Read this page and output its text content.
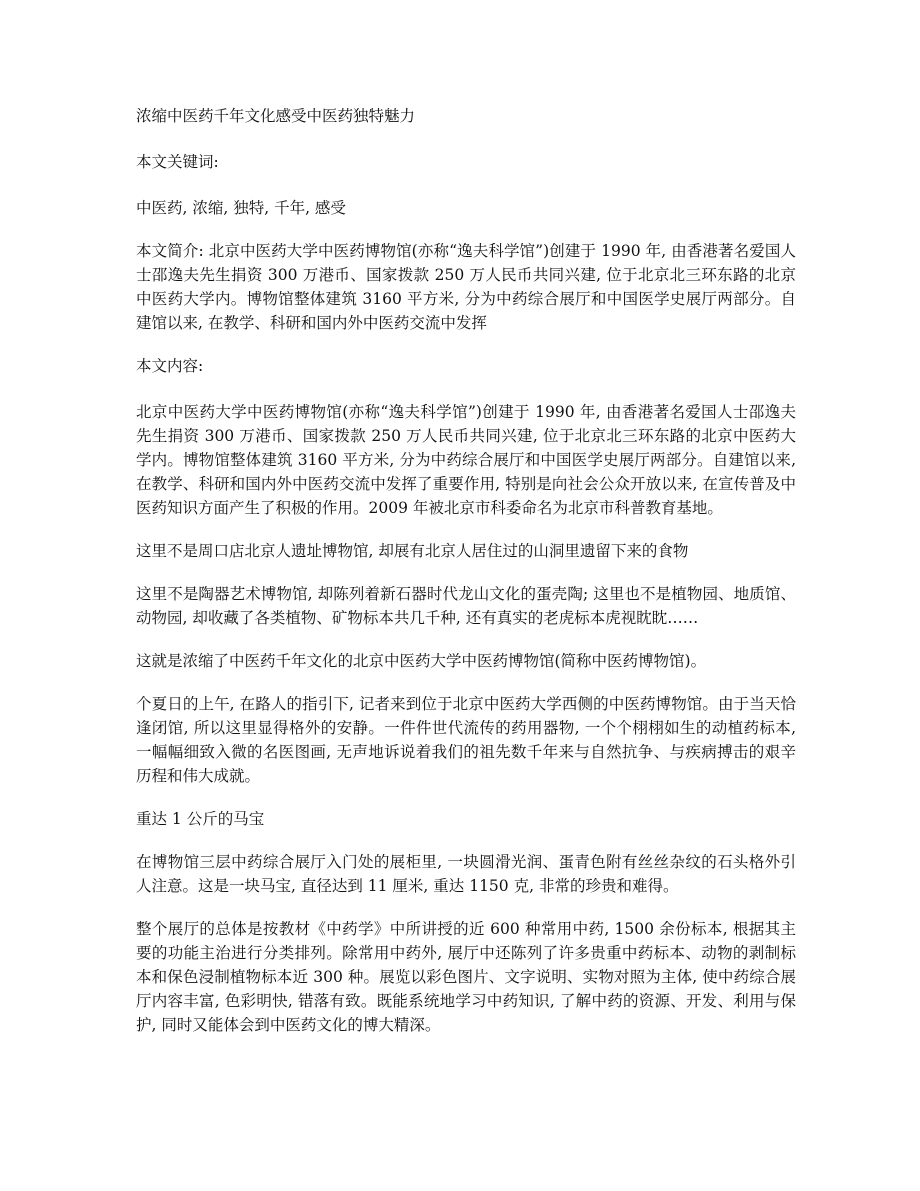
浓缩中医药千年文化感受中医药独特魅力

本文关键词:

中医药, 浓缩, 独特, 千年, 感受

本文简介: 北京中医药大学中医药博物馆(亦称“逸夫科学馆”)创建于 1990 年, 由香港著名爱国人士邵逸夫先生捐资 300 万港币、国家拨款 250 万人民币共同兴建, 位于北京北三环东路的北京中医药大学内。博物馆整体建筑 3160 平方米, 分为中药综合展厅和中国医学史展厅两部分。自建馆以来, 在教学、科研和国内外中医药交流中发挥

本文内容:

北京中医药大学中医药博物馆(亦称“逸夫科学馆”)创建于 1990 年, 由香港著名爱国人士邵逸夫先生捐资 300 万港币、国家拨款 250 万人民币共同兴建, 位于北京北三环东路的北京中医药大学内。博物馆整体建筑 3160 平方米, 分为中药综合展厅和中国医学史展厅两部分。自建馆以来, 在教学、科研和国内外中医药交流中发挥了重要作用, 特别是向社会公众开放以来, 在宣传普及中医药知识方面产生了积极的作用。2009 年被北京市科委命名为北京市科普教育基地。

这里不是周口店北京人遗址博物馆, 却展有北京人居住过的山洞里遗留下来的食物

这里不是陶器艺术博物馆, 却陈列着新石器时代龙山文化的蛋壳陶; 这里也不是植物园、地质馆、动物园, 却收藏了各类植物、矿物标本共几千种, 还有真实的老虎标本虎视眈眈……

这就是浓缩了中医药千年文化的北京中医药大学中医药博物馆(简称中医药博物馆)。

个夏日的上午, 在路人的指引下, 记者来到位于北京中医药大学西侧的中医药博物馆。由于当天恰逢闭馆, 所以这里显得格外的安静。一件件世代流传的药用器物, 一个个栩栩如生的动植药标本, 一幅幅细致入微的名医图画, 无声地诉说着我们的祖先数千年来与自然抗争、与疾病搏击的艰辛历程和伟大成就。

重达 1 公斤的马宝

在博物馆三层中药综合展厅入门处的展柜里, 一块圆滑光润、蛋青色附有丝丝杂纹的石头格外引人注意。这是一块马宝, 直径达到 11 厘米, 重达 1150 克, 非常的珍贵和难得。

整个展厅的总体是按教材《中药学》中所讲授的近 600 种常用中药, 1500 余份标本, 根据其主要的功能主治进行分类排列。除常用中药外, 展厅中还陈列了许多贵重中药标本、动物的剥制标本和保色浸制植物标本近 300 种。展览以彩色图片、文字说明、实物对照为主体, 使中药综合展厅内容丰富, 色彩明快, 错落有致。既能系统地学习中药知识, 了解中药的资源、开发、利用与保护, 同时又能体会到中医药文化的博大精深。
